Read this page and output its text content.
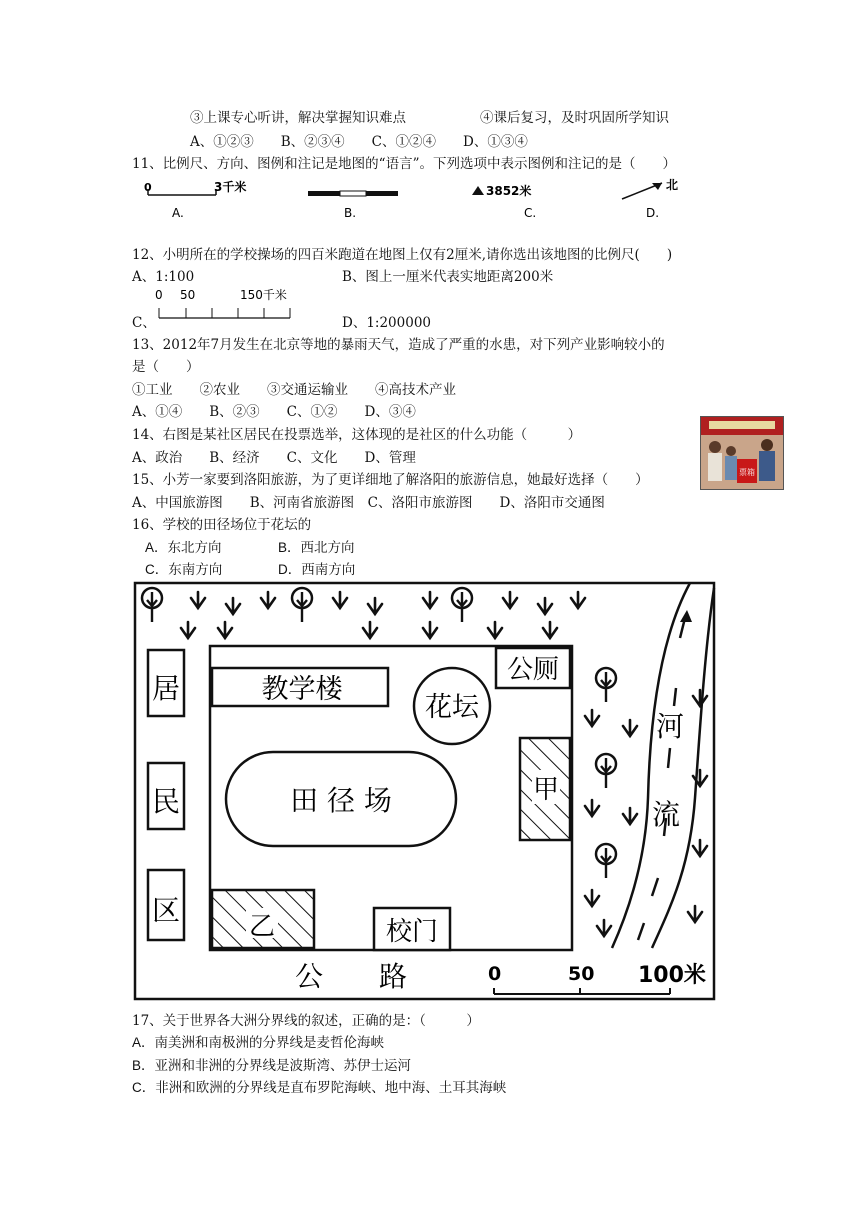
③上课专心听讲，解决掌握知识难点	④课后复习，及时巩固所学知识
A、①②③　　B、②③④　　C、①②④　　D、①③④
11、比例尺、方向、图例和注记是地图的“语言”。下列选项中表示图例和注记的是（　　）
0	3千米
A.	B.
3852米
C.
北
D.
12、小明所在的学校操场的四百米跑道在地图上仅有2厘米,请你选出该地图的比例尺(　　)
A、1:100	B、图上一厘米代表实地距离200米
C、
0 50	150千米
D、1:200000
13、2012年7月发生在北京等地的暴雨天气，造成了严重的水患，对下列产业影响较小的
是（　　）
①工业　　②农业　　③交通运输业　　④高技术产业
A、①④　　B、②③　　C、①②　　D、③④
14、右图是某社区居民在投票选举，这体现的是社区的什么功能（　　　）
A、政治　　B、经济　　C、文化　　D、管理
票箱
15、小芳一家要到洛阳旅游，为了更详细地了解洛阳的旅游信息，她最好选择（　　）
A、中国旅游图　　B、河南省旅游图　C、洛阳市旅游图　　D、洛阳市交通图
16、学校的田径场位于花坛的
A．东北方向	B．西北方向
C．东南方向	D．西南方向
居
民
区
教学楼
花坛
公厕
田 径 场	甲
乙	校门
公　　路	0	50 100米
河
流
17、关于世界各大洲分界线的叙述，正确的是：（　　　）
A．南美洲和南极洲的分界线是麦哲伦海峡
B．亚洲和非洲的分界线是波斯湾、苏伊士运河
C．非洲和欧洲的分界线是直布罗陀海峡、地中海、土耳其海峡
